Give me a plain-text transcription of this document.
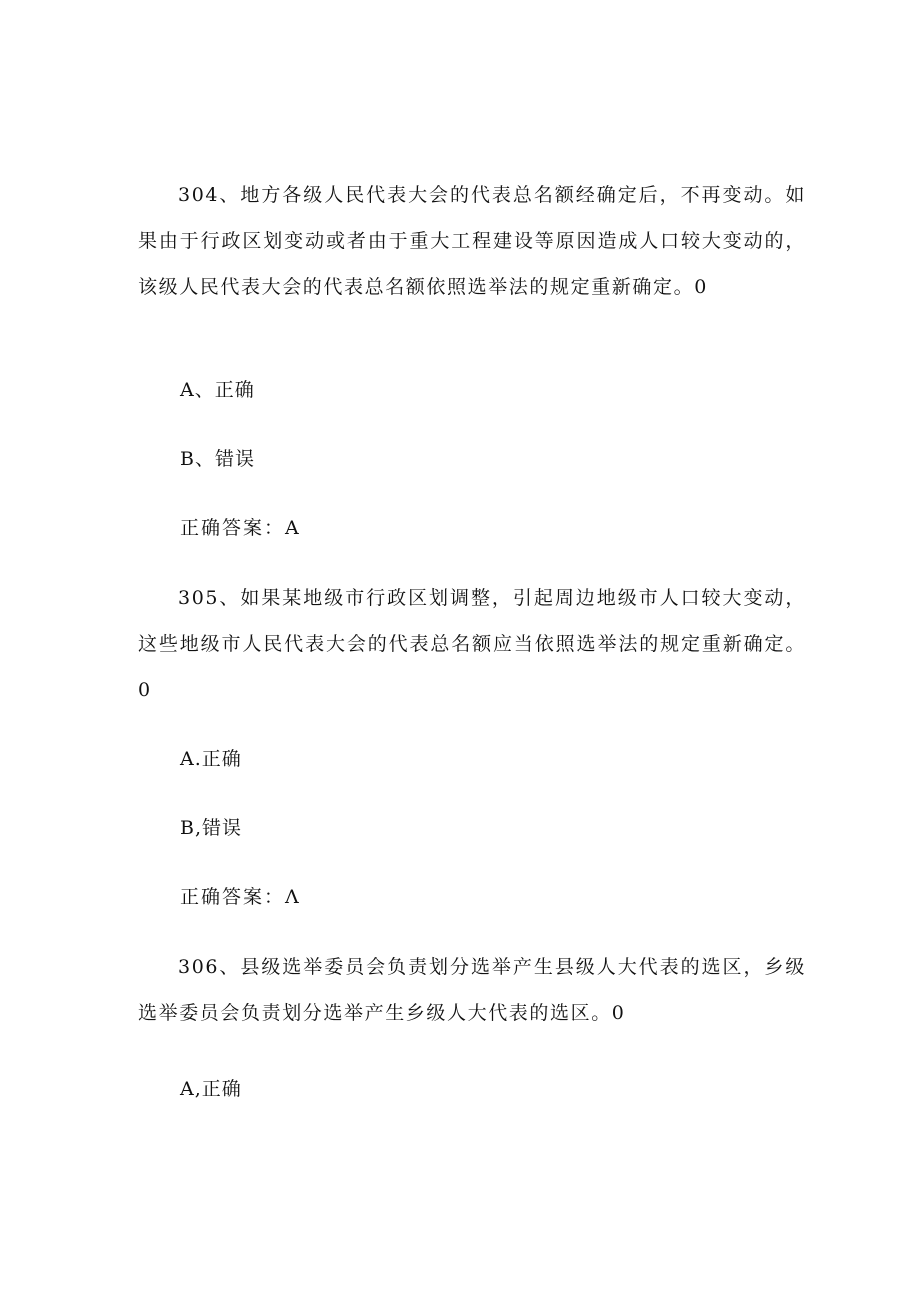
304、地方各级人民代表大会的代表总名额经确定后，不再变动。如果由于行政区划变动或者由于重大工程建设等原因造成人口较大变动的，该级人民代表大会的代表总名额依照选举法的规定重新确定。0

A、正确

B、错误

正确答案：A

305、如果某地级市行政区划调整，引起周边地级市人口较大变动，这些地级市人民代表大会的代表总名额应当依照选举法的规定重新确定。0

A.正确

B,错误

正确答案：Λ

306、县级选举委员会负责划分选举产生县级人大代表的选区，乡级选举委员会负责划分选举产生乡级人大代表的选区。0

A,正确
